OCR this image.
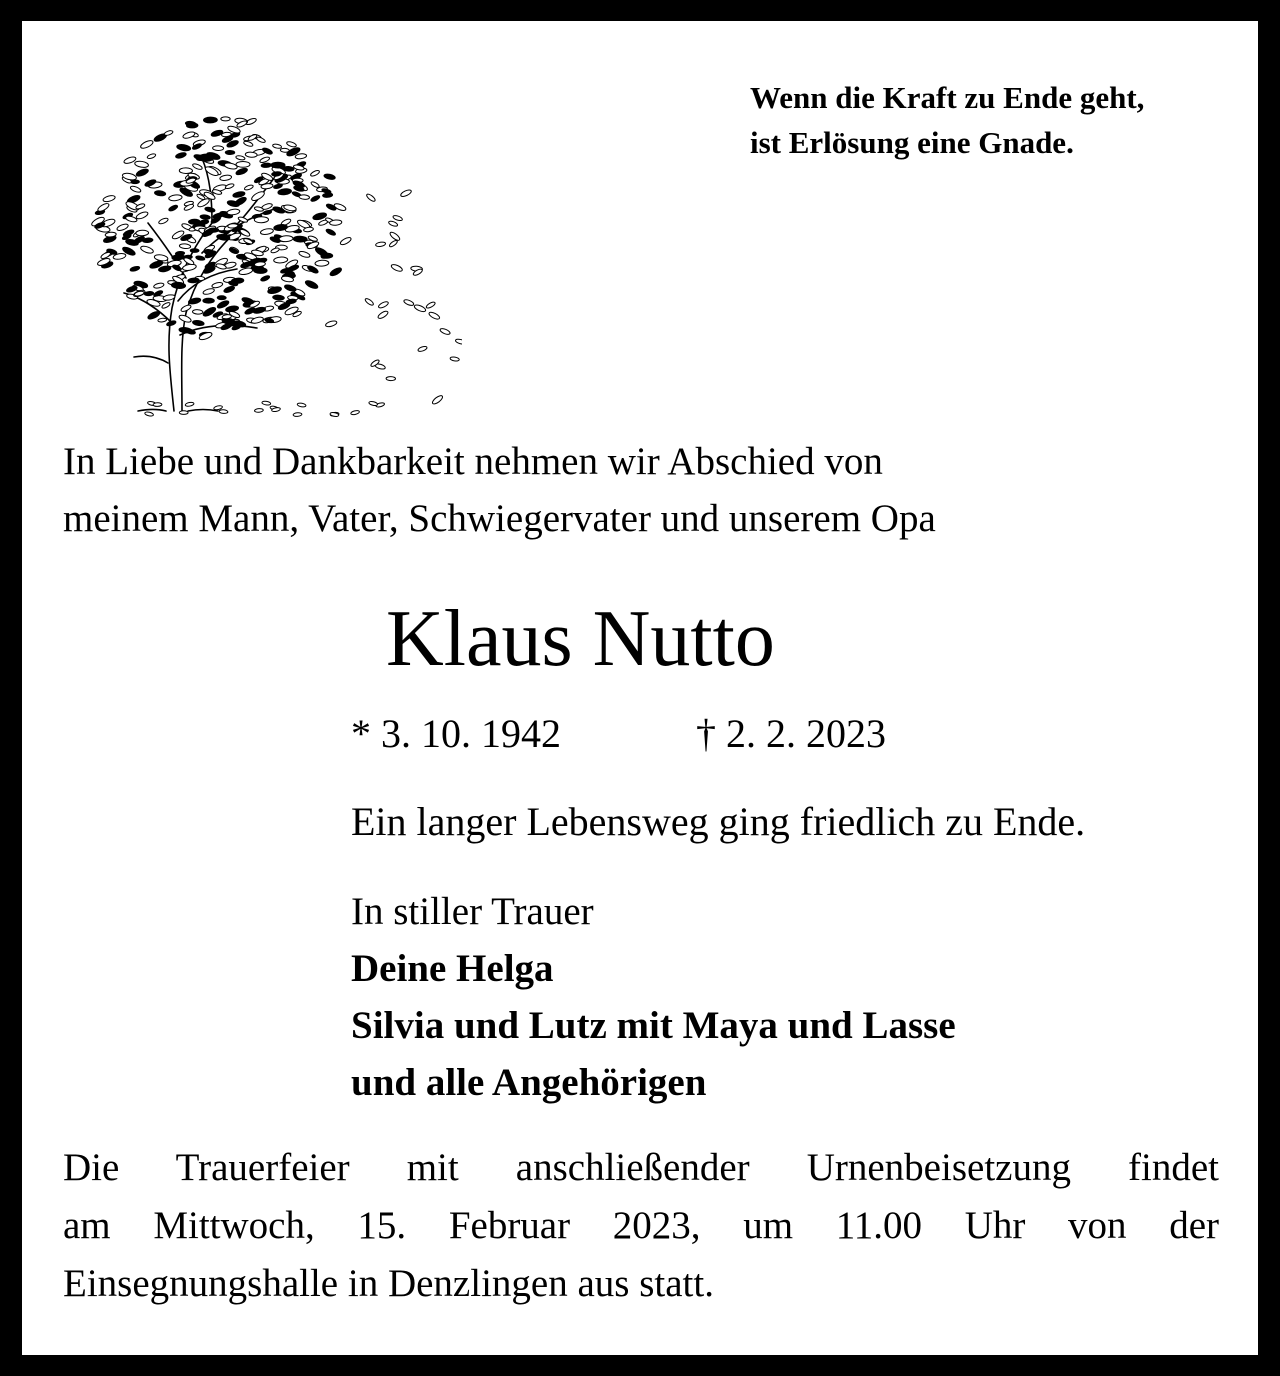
Wenn die Kraft zu Ende geht,
ist Erlösung eine Gnade.
In Liebe und Dankbarkeit nehmen wir Abschied von
meinem Mann, Vater, Schwiegervater und unserem Opa
Klaus Nutto
* 3. 10. 1942	† 2. 2. 2023
Ein langer Lebensweg ging friedlich zu Ende.
In stiller Trauer
Deine Helga
Silvia und Lutz mit Maya und Lasse
und alle Angehörigen
Die Trauerfeier mit anschließender Urnenbeisetzung findet
am Mittwoch, 15. Februar 2023, um 11.00 Uhr von der
Einsegnungshalle in Denzlingen aus statt.
